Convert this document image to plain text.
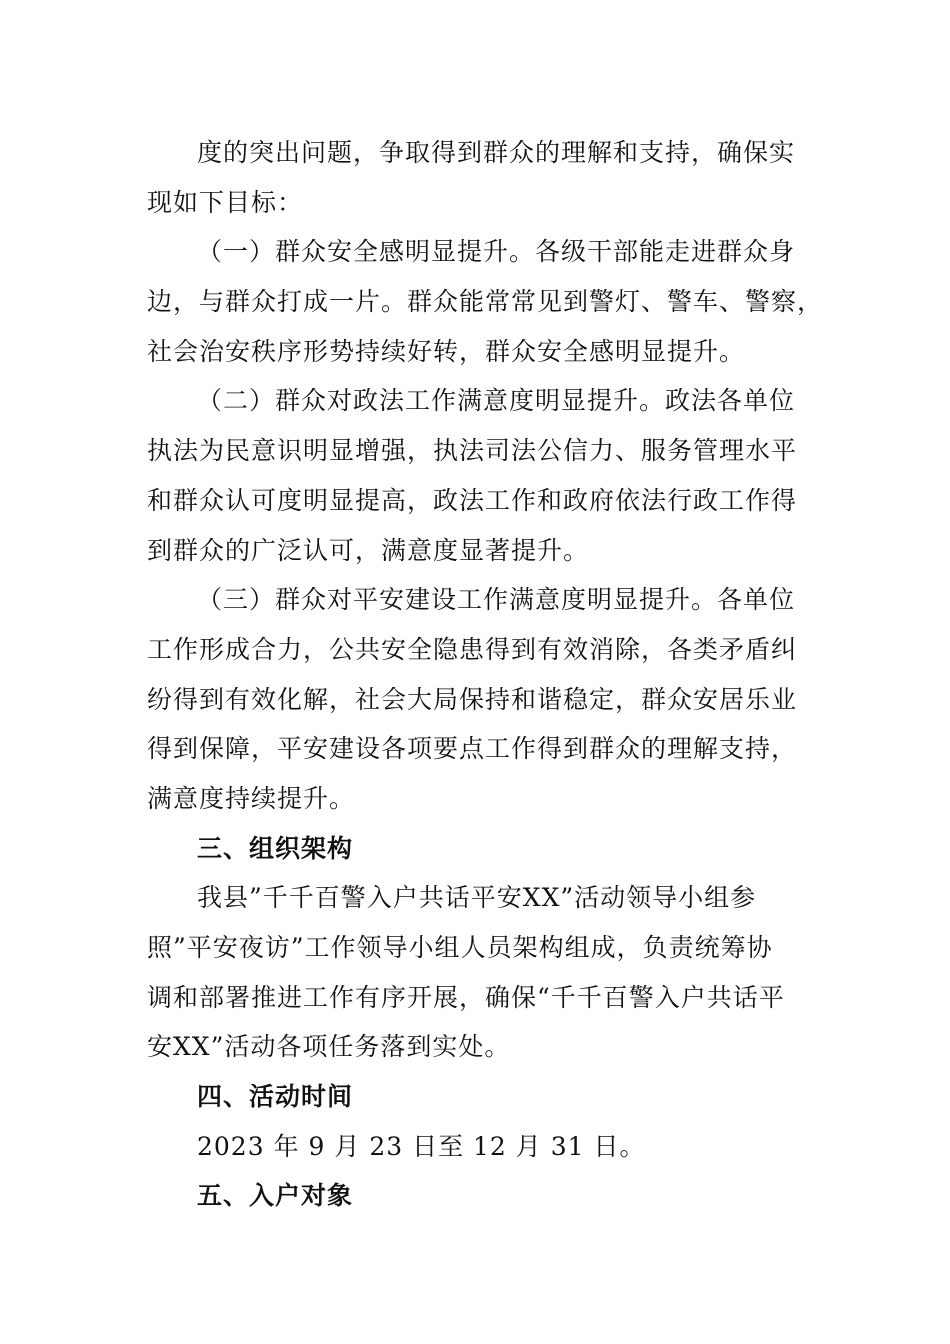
度的突出问题，争取得到群众的理解和支持，确保实
现如下目标：
（一）群众安全感明显提升。各级干部能走进群众身
边，与群众打成一片。群众能常常见到警灯、警车、警察，
社会治安秩序形势持续好转，群众安全感明显提升。
（二）群众对政法工作满意度明显提升。政法各单位
执法为民意识明显增强，执法司法公信力、服务管理水平
和群众认可度明显提高，政法工作和政府依法行政工作得
到群众的广泛认可，满意度显著提升。
（三）群众对平安建设工作满意度明显提升。各单位
工作形成合力，公共安全隐患得到有效消除，各类矛盾纠
纷得到有效化解，社会大局保持和谐稳定，群众安居乐业
得到保障，平安建设各项要点工作得到群众的理解支持，
满意度持续提升。
三、组织架构
我县”千千百警入户共话平安XX”活动领导小组参
照”平安夜访”工作领导小组人员架构组成，负责统筹协
调和部署推进工作有序开展，确保“千千百警入户共话平
安XX”活动各项任务落到实处。
四、活动时间
2023 年 9 月 23 日至 12 月 31 日。
五、入户对象
